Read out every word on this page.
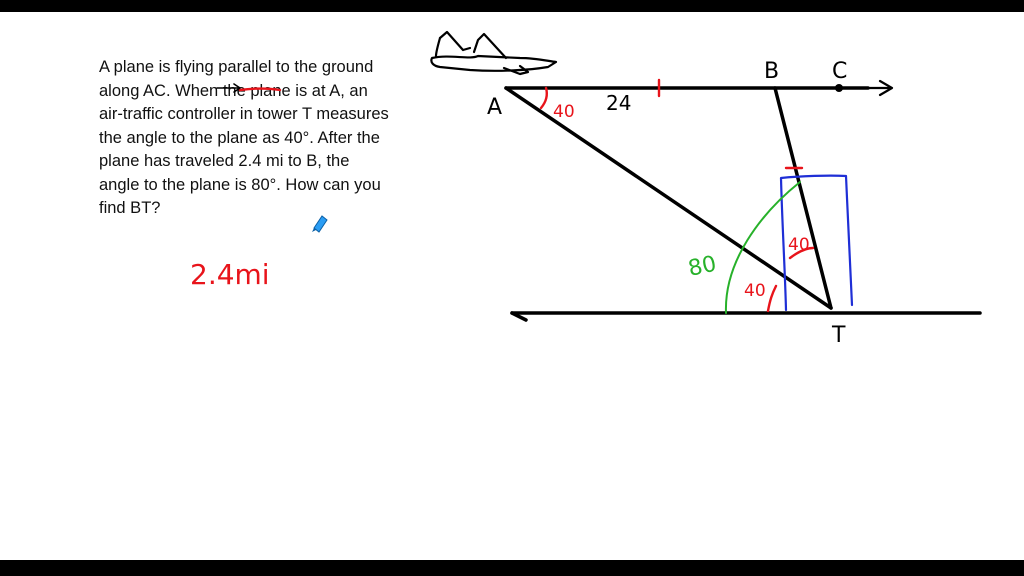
A plane is flying parallel to the ground along AC. When the plane is at A, an air-traffic controller in tower T measures the angle to the plane as 40°. After the plane has traveled 2.4 mi to B, the angle to the plane is 80°. How can you find BT?

A
B C
T
40 24
40
40
80
2.4mi
